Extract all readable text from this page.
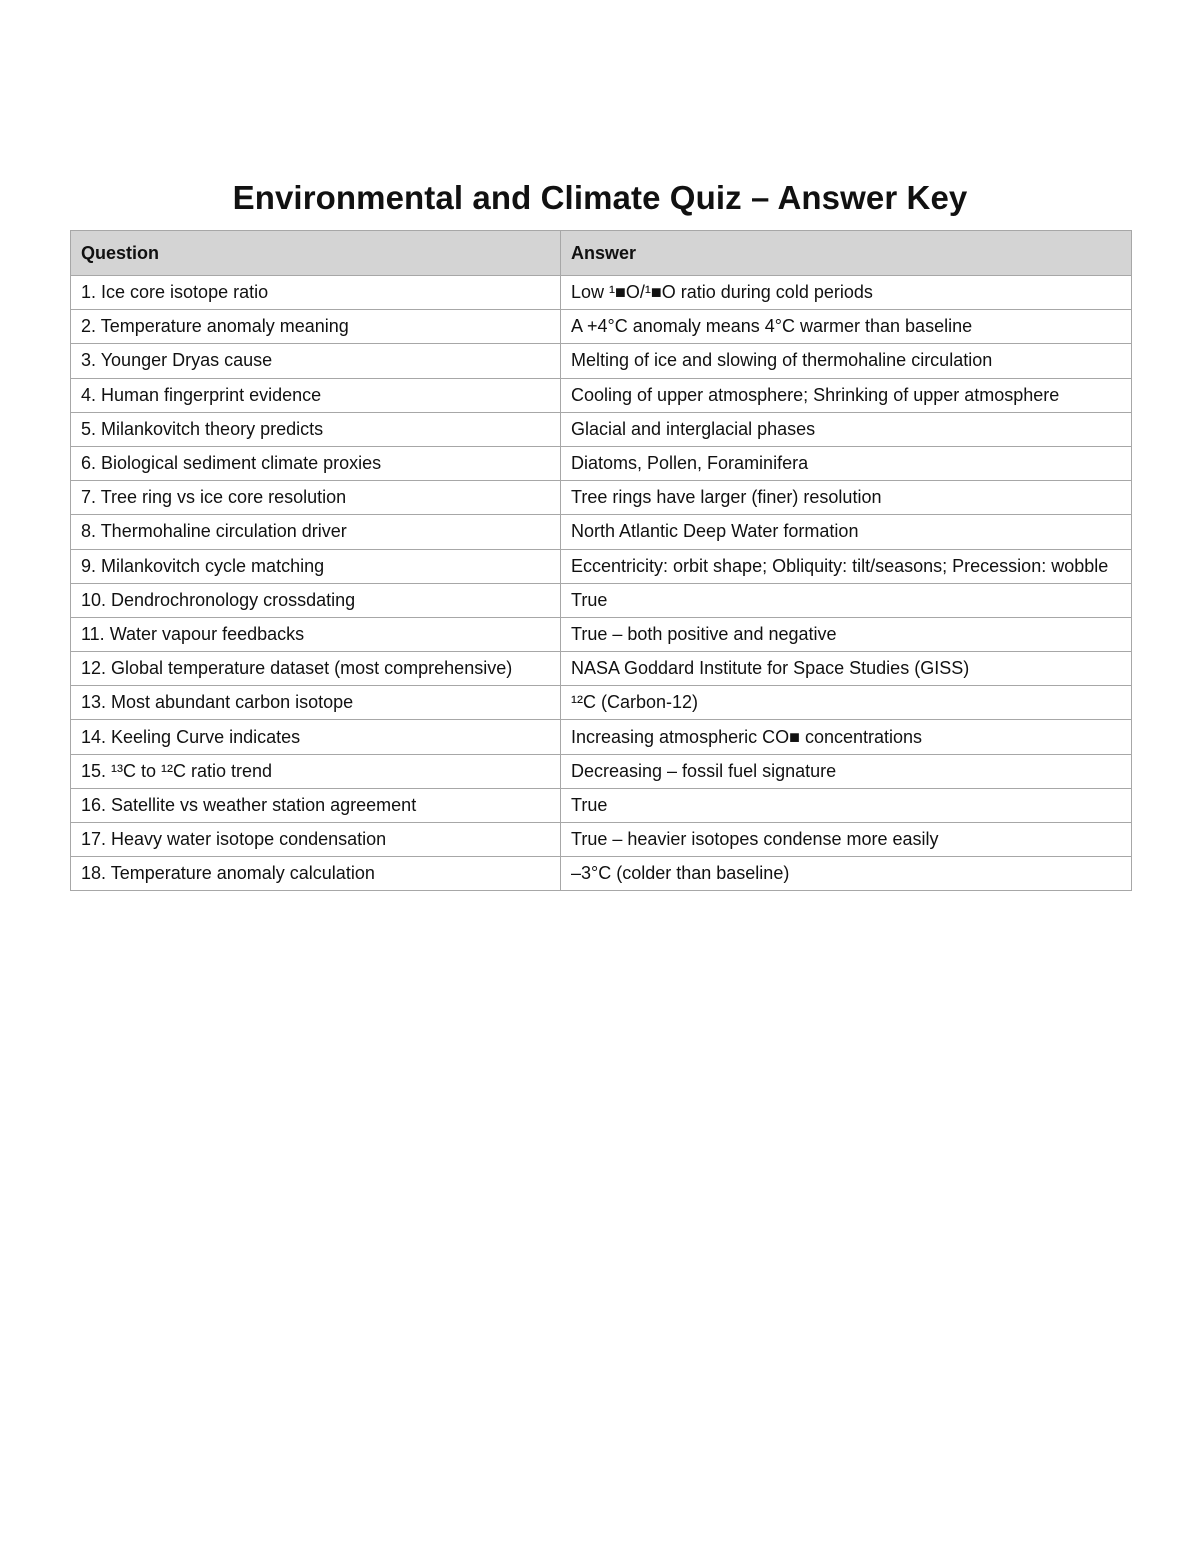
Environmental and Climate Quiz – Answer Key
Question	Answer
1. Ice core isotope ratio	Low ¹■O/¹■O ratio during cold periods
2. Temperature anomaly meaning	A +4°C anomaly means 4°C warmer than baseline
3. Younger Dryas cause	Melting of ice and slowing of thermohaline circulation
4. Human fingerprint evidence	Cooling of upper atmosphere; Shrinking of upper atmosphere
5. Milankovitch theory predicts	Glacial and interglacial phases
6. Biological sediment climate proxies	Diatoms, Pollen, Foraminifera
7. Tree ring vs ice core resolution	Tree rings have larger (finer) resolution
8. Thermohaline circulation driver	North Atlantic Deep Water formation
9. Milankovitch cycle matching	Eccentricity: orbit shape; Obliquity: tilt/seasons; Precession: wobble
10. Dendrochronology crossdating	True
11. Water vapour feedbacks	True – both positive and negative
12. Global temperature dataset (most comprehensive)	NASA Goddard Institute for Space Studies (GISS)
13. Most abundant carbon isotope	¹²C (Carbon-12)
14. Keeling Curve indicates	Increasing atmospheric CO■ concentrations
15. ¹³C to ¹²C ratio trend	Decreasing – fossil fuel signature
16. Satellite vs weather station agreement	True
17. Heavy water isotope condensation	True – heavier isotopes condense more easily
18. Temperature anomaly calculation	–3°C (colder than baseline)
